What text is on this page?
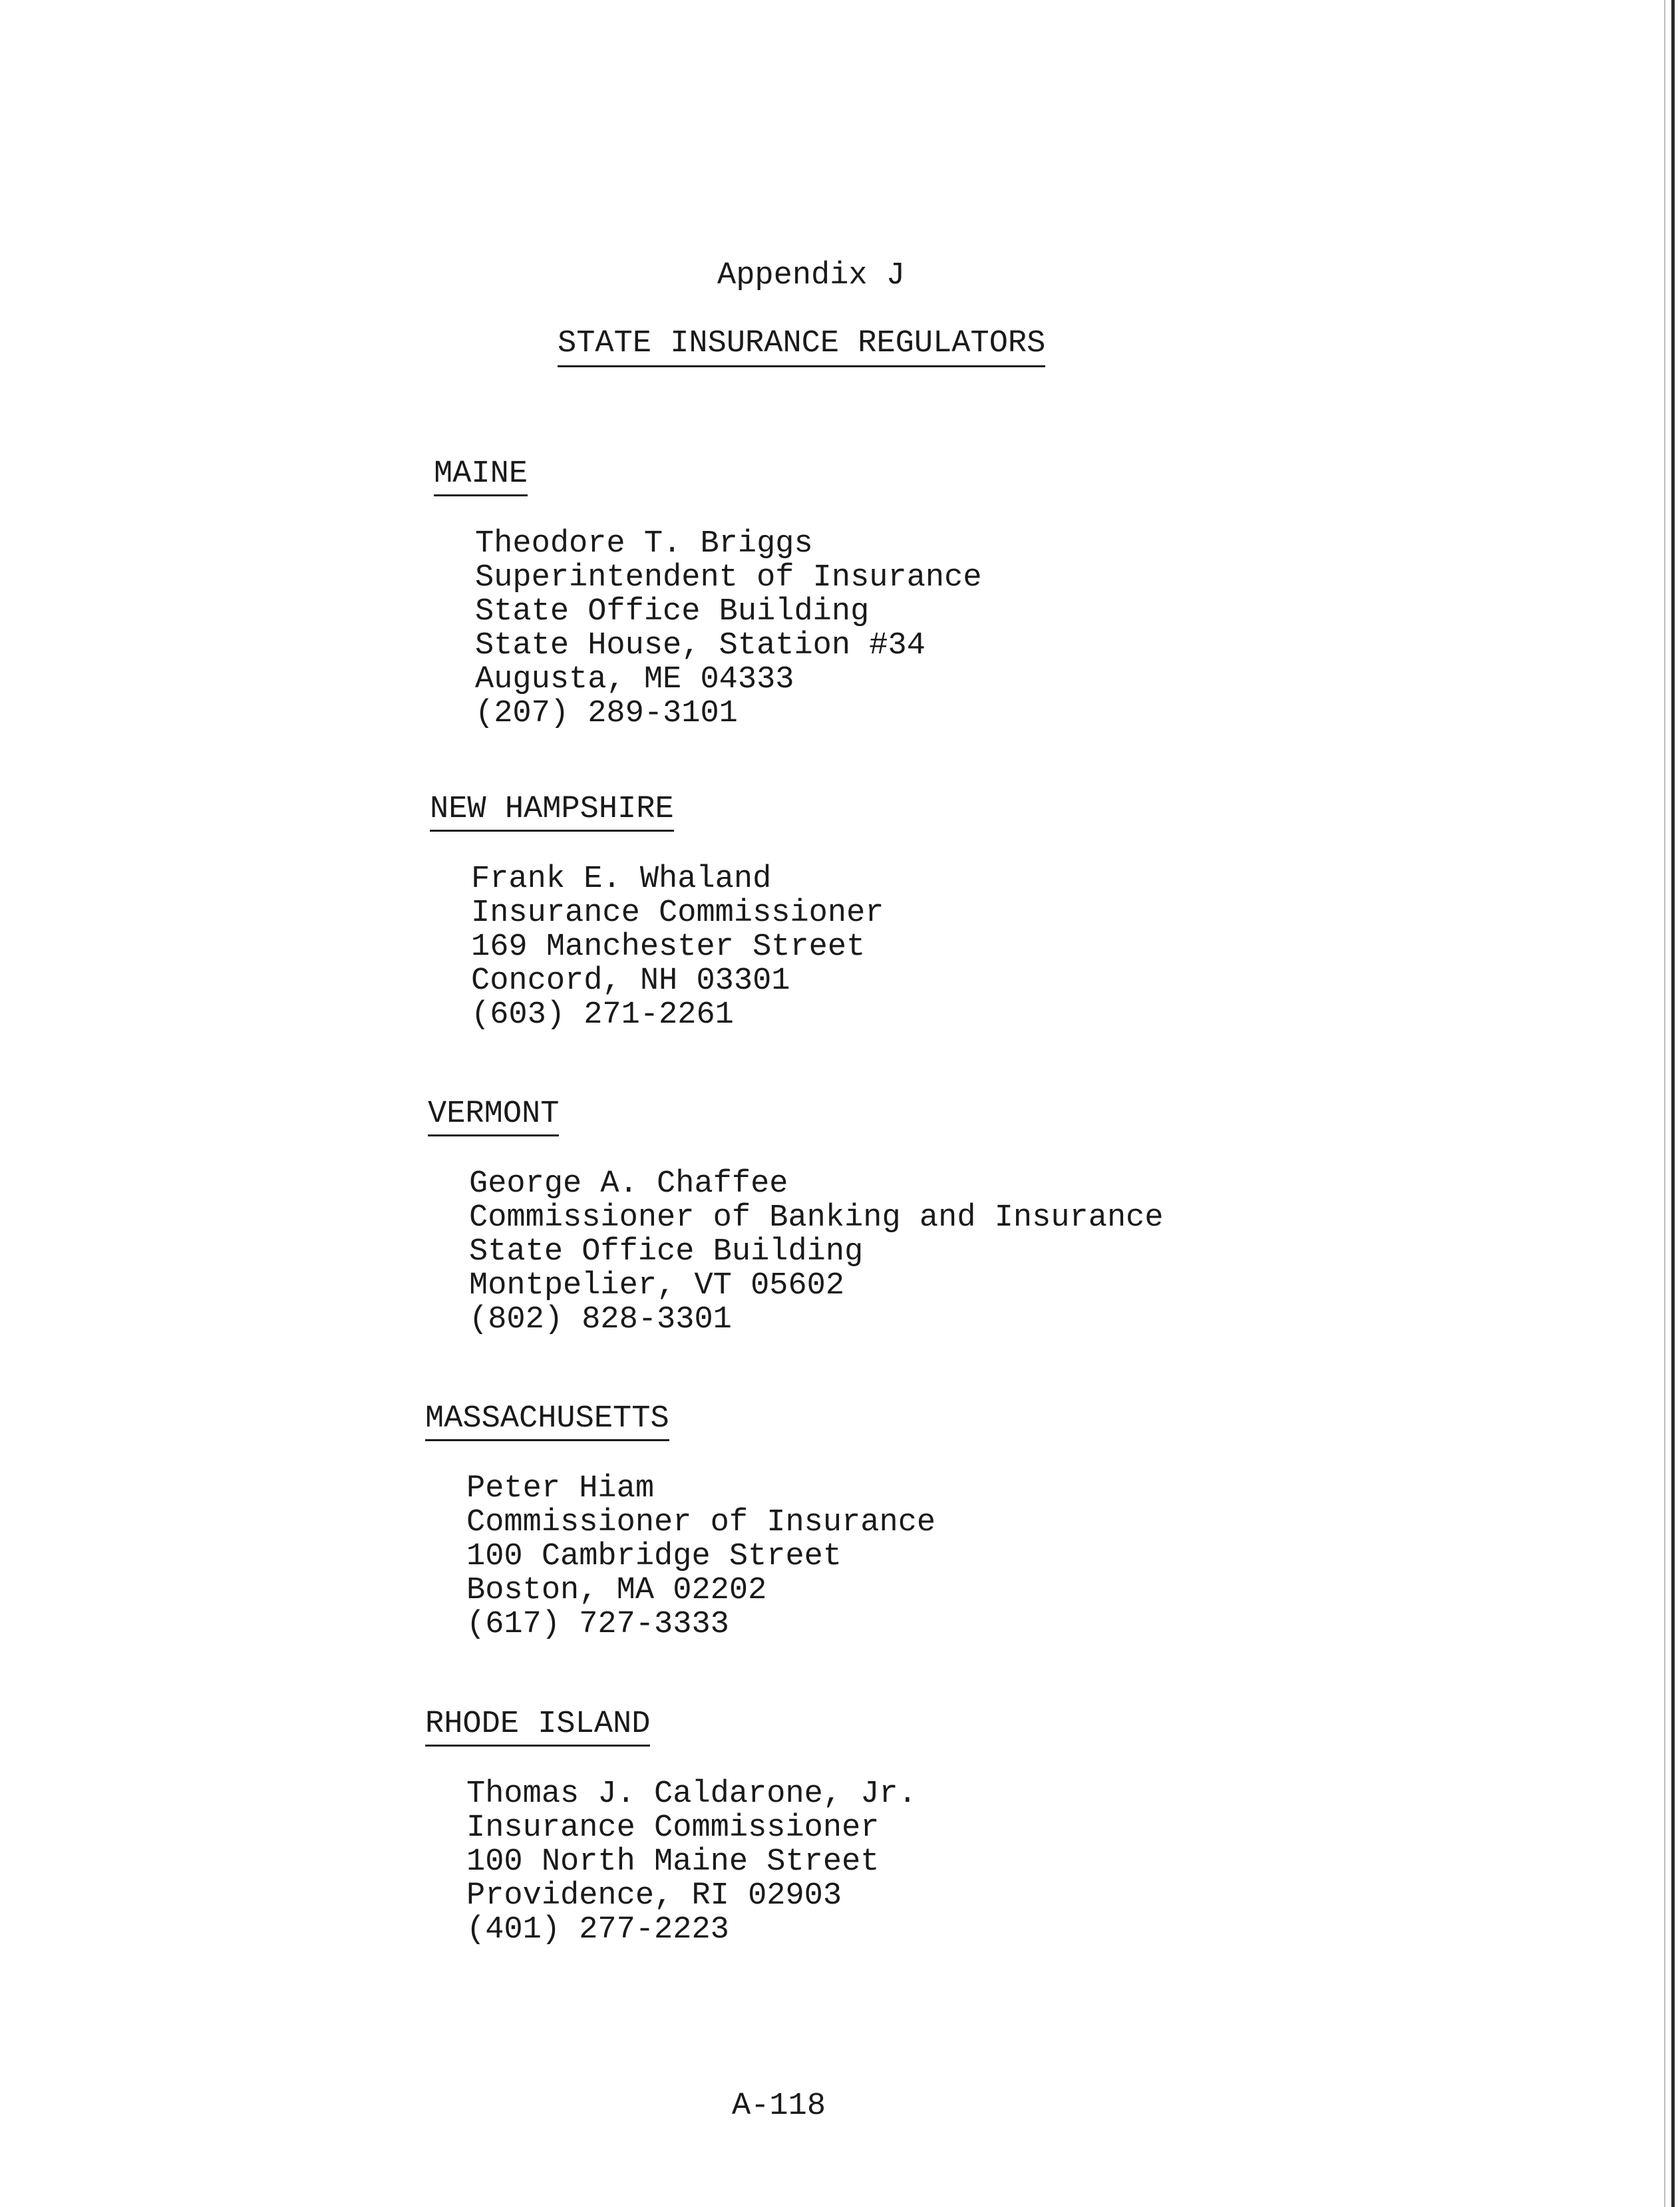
Appendix J
STATE INSURANCE REGULATORS
MAINE
Theodore T. Briggs
Superintendent of Insurance
State Office Building
State House, Station #34
Augusta, ME 04333
(207) 289-3101
NEW HAMPSHIRE
Frank E. Whaland
Insurance Commissioner
169 Manchester Street
Concord, NH 03301
(603) 271-2261
VERMONT
George A. Chaffee
Commissioner of Banking and Insurance
State Office Building
Montpelier, VT 05602
(802) 828-3301
MASSACHUSETTS
Peter Hiam
Commissioner of Insurance
100 Cambridge Street
Boston, MA 02202
(617) 727-3333
RHODE ISLAND
Thomas J. Caldarone, Jr.
Insurance Commissioner
100 North Maine Street
Providence, RI 02903
(401) 277-2223
A-118
